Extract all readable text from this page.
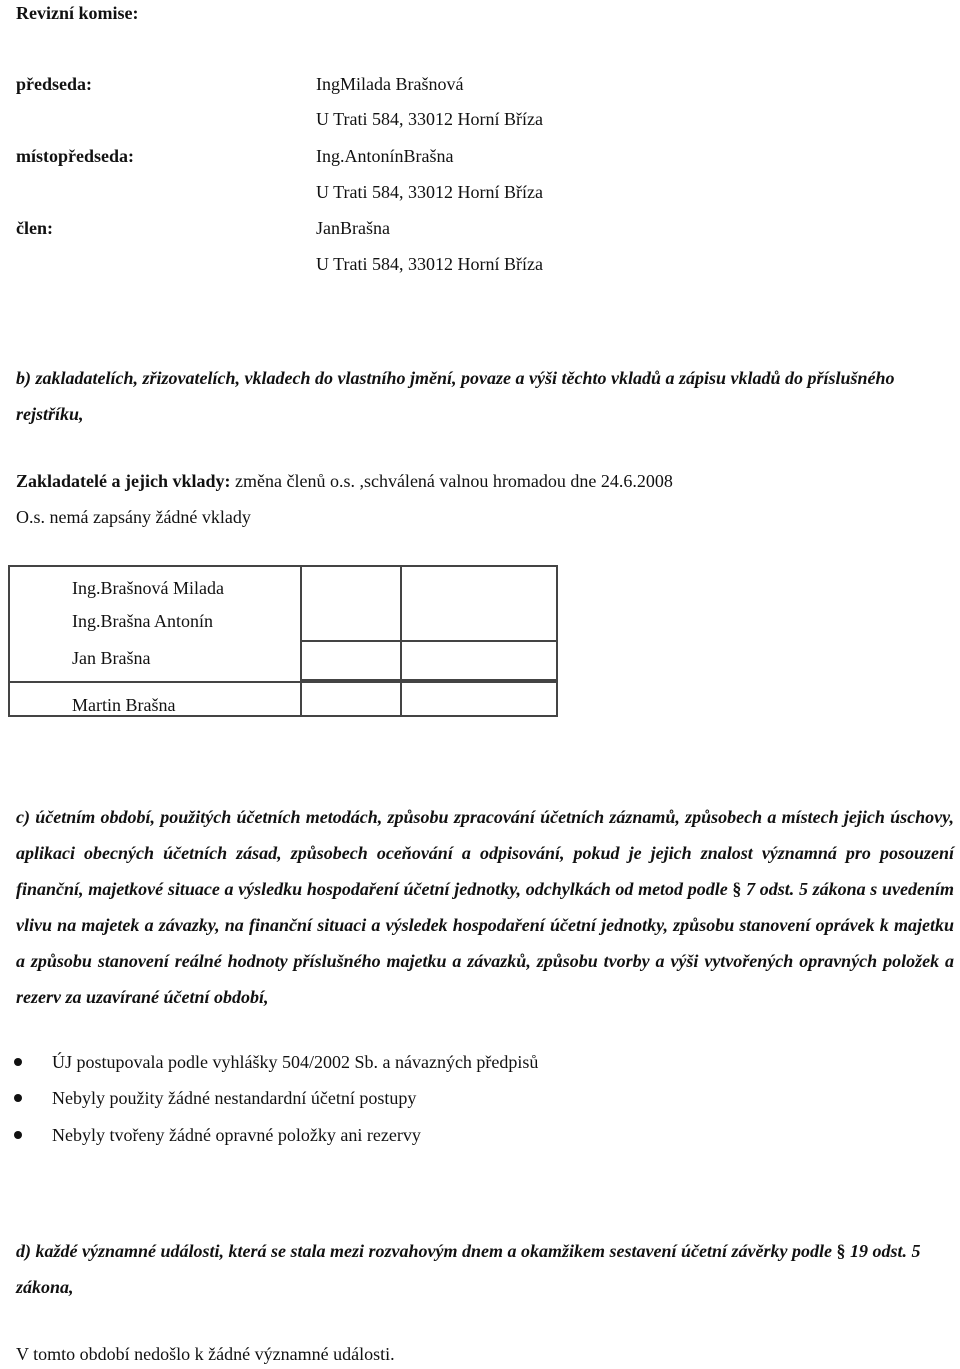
Revizní komise:
předseda:	IngMilada Brašnová
U Trati 584, 33012 Horní Bříza
místopředseda:	Ing.AntonínBrašna
U Trati 584, 33012 Horní Bříza
člen:	JanBrašna
U Trati 584, 33012 Horní Bříza
b) zakladatelích, zřizovatelích, vkladech do vlastního jmění, povaze a výši těchto vkladů a zápisu vkladů do příslušného rejstříku,
Zakladatelé a jejich vklady: změna členů o.s. ,schválená valnou hromadou dne 24.6.2008
O.s. nemá zapsány žádné vklady
Ing.Brašnová Milada
Ing.Brašna Antonín
Jan Brašna		

Martin Brašna		

c) účetním období, použitých účetních metodách, způsobu zpracování účetních záznamů, způsobech a místech jejich úschovy, aplikaci obecných účetních zásad, způsobech oceňování a odpisování, pokud je jejich znalost významná pro posouzení finanční, majetkové situace a výsledku hospodaření účetní jednotky, odchylkách od metod podle § 7 odst. 5 zákona s uvedením vlivu na majetek a závazky, na finanční situaci a výsledek hospodaření účetní jednotky, způsobu stanovení oprávek k majetku a způsobu stanovení reálné hodnoty příslušného majetku a závazků, způsobu tvorby a výši vytvořených opravných položek a rezerv za uzavírané účetní období,
ÚJ postupovala podle vyhlášky 504/2002 Sb. a návazných předpisů
Nebyly použity žádné nestandardní účetní postupy
Nebyly tvořeny žádné opravné položky ani rezervy
d) každé významné události, která se stala mezi rozvahovým dnem a okamžikem sestavení účetní závěrky podle § 19 odst. 5 zákona,
V tomto období nedošlo k žádné významné události.
